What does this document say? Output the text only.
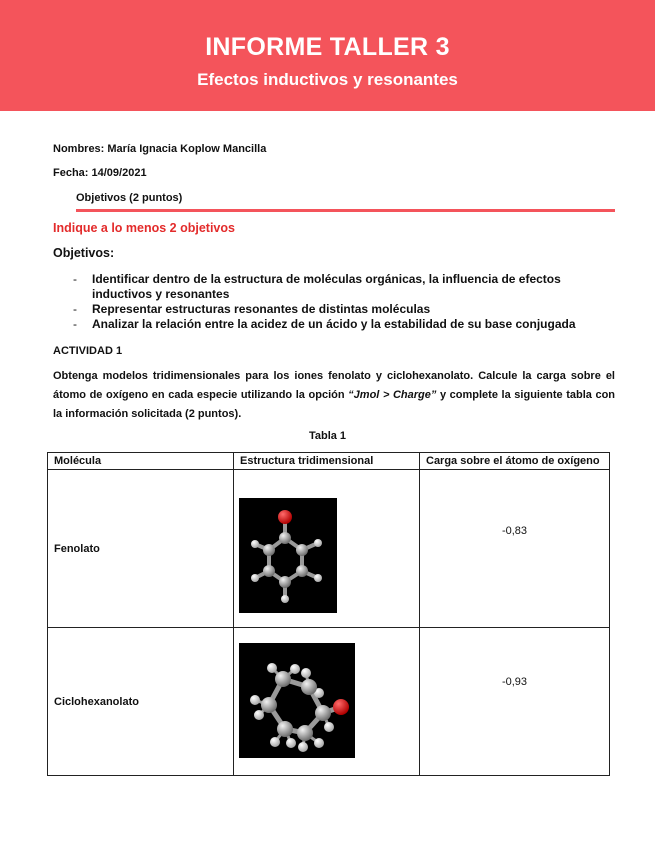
INFORME TALLER 3
Efectos inductivos y resonantes
Nombres: María Ignacia Koplow Mancilla
Fecha: 14/09/2021
Objetivos (2 puntos)
Indique a lo menos 2 objetivos
Objetivos:
- Identificar dentro de la estructura de moléculas orgánicas, la influencia de efectos inductivos y resonantes
- Representar estructuras resonantes de distintas moléculas
- Analizar la relación entre la acidez de un ácido y la estabilidad de su base conjugada
ACTIVIDAD 1
Obtenga modelos tridimensionales para los iones fenolato y ciclohexanolato. Calcule la carga sobre el átomo de oxígeno en cada especie utilizando la opción “Jmol > Charge” y complete la siguiente tabla con la información solicitada (2 puntos).
Tabla 1
Molécula	Estructura tridimensional	Carga sobre el átomo de oxígeno
Fenolato		-0,83
Ciclohexanolato		-0,93
